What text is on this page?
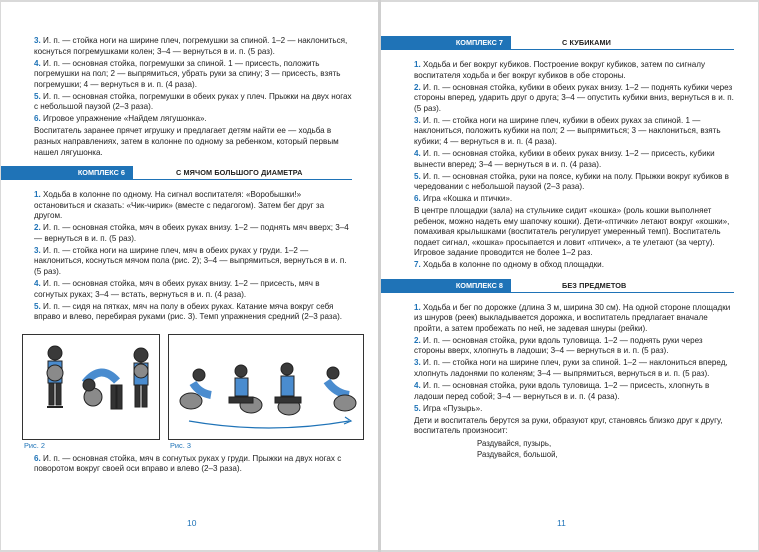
3. И. п. — стойка ноги на ширине плеч, погремушки за спиной. 1–2 — наклониться, коснуться погремушками колен; 3–4 — вернуться в и. п. (5 раз).

4. И. п. — основная стойка, погремушки за спиной. 1 — присесть, положить погремушки на пол; 2 — выпрямиться, убрать руки за спину; 3 — присесть, взять погремушки; 4 — вернуться в и. п. (4 раза).

5. И. п. — основная стойка, погремушки в обеих руках у плеч. Прыжки на двух ногах с небольшой паузой (2–3 раза).

6. Игровое упражнение «Найдем лягушонка».

Воспитатель заранее прячет игрушку и предлагает детям найти ее — ходьба в разных направлениях, затем в колонне по одному за ребенком, который первым нашел лягушонка.

КОМПЛЕКС 6	С МЯЧОМ БОЛЬШОГО ДИАМЕТРА

1. Ходьба в колонне по одному. На сигнал воспитателя: «Воробышки!» остановиться и сказать: «Чик-чирик» (вместе с педагогом). Затем бег друг за другом.

2. И. п. — основная стойка, мяч в обеих руках внизу. 1–2 — поднять мяч вверх; 3–4 — вернуться в и. п. (5 раз).

3. И. п. — стойка ноги на ширине плеч, мяч в обеих руках у груди. 1–2 — наклониться, коснуться мячом пола (рис. 2); 3–4 — выпрямиться, вернуться в и. п. (5 раз).

4. И. п. — основная стойка, мяч в обеих руках внизу. 1–2 — присесть, мяч в согнутых руках; 3–4 — встать, вернуться в и. п. (4 раза).

5. И. п. — сидя на пятках, мяч на полу в обеих руках. Катание мяча вокруг себя вправо и влево, перебирая руками (рис. 3). Темп упражнения средний (2–3 раза).

Рис. 2	Рис. 3

6. И. п. — основная стойка, мяч в согнутых руках у груди. Прыжки на двух ногах с поворотом вокруг своей оси вправо и влево (2–3 раза).

10
КОМПЛЕКС 7	С КУБИКАМИ

1. Ходьба и бег вокруг кубиков. Построение вокруг кубиков, затем по сигналу воспитателя ходьба и бег вокруг кубиков в обе стороны.

2. И. п. — основная стойка, кубики в обеих руках внизу. 1–2 — поднять кубики через стороны вперед, ударить друг о друга; 3–4 — опустить кубики вниз, вернуться в и. п. (5 раз).

3. И. п. — стойка ноги на ширине плеч, кубики в обеих руках за спиной. 1 — наклониться, положить кубики на пол; 2 — выпрямиться; 3 — наклониться, взять кубики; 4 — вернуться в и. п. (4 раза).

4. И. п. — основная стойка, кубики в обеих руках внизу. 1–2 — присесть, кубики вынести вперед; 3–4 — вернуться в и. п. (4 раза).

5. И. п. — основная стойка, руки на поясе, кубики на полу. Прыжки вокруг кубиков в чередовании с небольшой паузой (2–3 раза).

6. Игра «Кошка и птички».

В центре площадки (зала) на стульчике сидит «кошка» (роль кошки выполняет ребенок, можно надеть ему шапочку кошки). Дети-«птички» летают вокруг «кошки», помахивая крылышками (воспитатель регулирует умеренный темп). Воспитатель подает сигнал, «кошка» просыпается и ловит «птичек», а те улетают (за черту). Игровое задание проводится не более 1–2 раз.

7. Ходьба в колонне по одному в обход площадки.

КОМПЛЕКС 8	БЕЗ ПРЕДМЕТОВ

1. Ходьба и бег по дорожке (длина 3 м, ширина 30 см). На одной стороне площадки из шнуров (реек) выкладывается дорожка, и воспитатель предлагает вначале пройти, а затем пробежать по ней, не задевая шнуры (рейки).

2. И. п. — основная стойка, руки вдоль туловища. 1–2 — поднять руки через стороны вверх, хлопнуть в ладоши; 3–4 — вернуться в и. п. (5 раз).

3. И. п. — стойка ноги на ширине плеч, руки за спиной. 1–2 — наклониться вперед, хлопнуть ладонями по коленям; 3–4 — выпрямиться, вернуться в и. п. (5 раз).

4. И. п. — основная стойка, руки вдоль туловища. 1–2 — присесть, хлопнуть в ладоши перед собой; 3–4 — вернуться в и. п. (4 раза).

5. Игра «Пузырь».

Дети и воспитатель берутся за руки, образуют круг, становясь близко друг к другу, воспитатель произносит:

Раздувайся, пузырь,
Раздувайся, большой,
11
